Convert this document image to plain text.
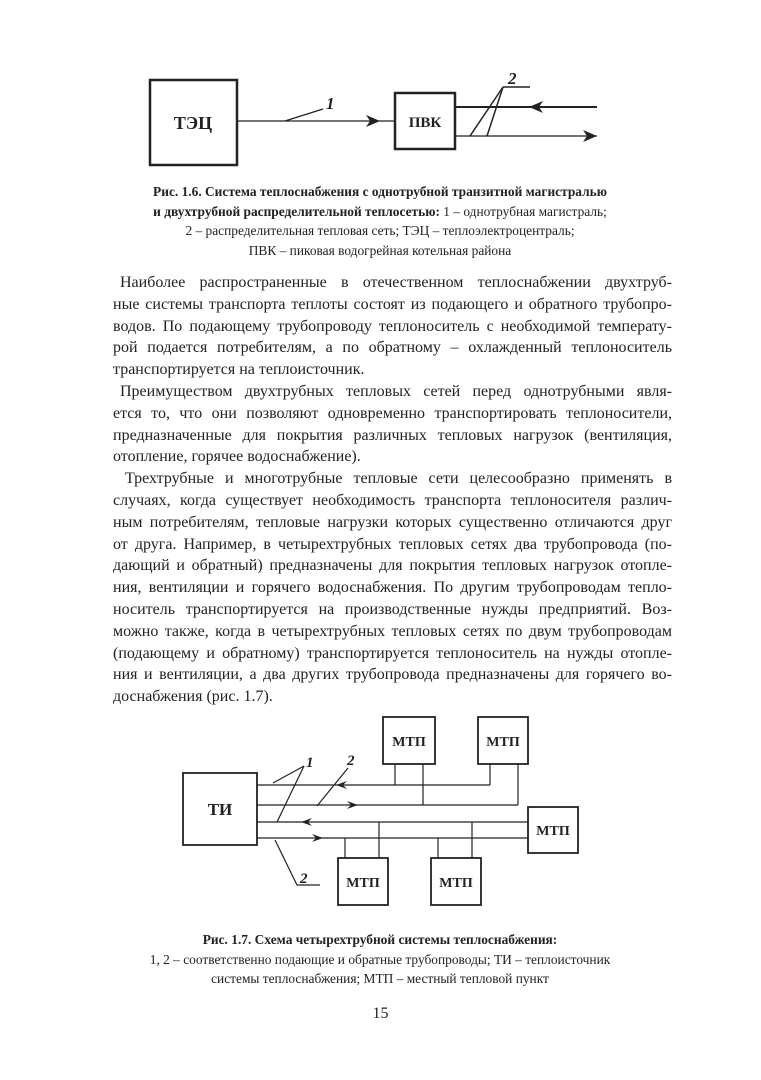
ТЭЦ	ПВК
1
2
ТИ
МТП	МТП
МТП
МТП	МТП
1 2
2
Рис. 1.6. Система теплоснабжения с однотрубной транзитной магистралью
и двухтрубной распределительной теплосетью: 1 – однотрубная магистраль;
2 – распределительная тепловая сеть; ТЭЦ – теплоэлектроцентраль;
ПВК – пиковая водогрейная котельная района
Наиболее распространенные в отечественном теплоснабжении двухтруб-
ные системы транспорта теплоты состоят из подающего и обратного трубопро-
водов. По подающему трубопроводу теплоноситель с необходимой температу-
рой подается потребителям, а по обратному – охлажденный теплоноситель
транспортируется на теплоисточник.
Преимуществом двухтрубных тепловых сетей перед однотрубными явля-
ется то, что они позволяют одновременно транспортировать теплоносители,
предназначенные для покрытия различных тепловых нагрузок (вентиляция,
отопление, горячее водоснабжение).
Трехтрубные и многотрубные тепловые сети целесообразно применять в
случаях, когда существует необходимость транспорта теплоносителя различ-
ным потребителям, тепловые нагрузки которых существенно отличаются друг
от друга. Например, в четырехтрубных тепловых сетях два трубопровода (по-
дающий и обратный) предназначены для покрытия тепловых нагрузок отопле-
ния, вентиляции и горячего водоснабжения. По другим трубопроводам тепло-
носитель транспортируется на производственные нужды предприятий. Воз-
можно также, когда в четырехтрубных тепловых сетях по двум трубопроводам
(подающему и обратному) транспортируется теплоноситель на нужды отопле-
ния и вентиляции, а два других трубопровода предназначены для горячего во-
доснабжения (рис. 1.7).
Рис. 1.7. Схема четырехтрубной системы теплоснабжения:
1, 2 – соответственно подающие и обратные трубопроводы; ТИ – теплоисточник
системы теплоснабжения; МТП – местный тепловой пункт
15
